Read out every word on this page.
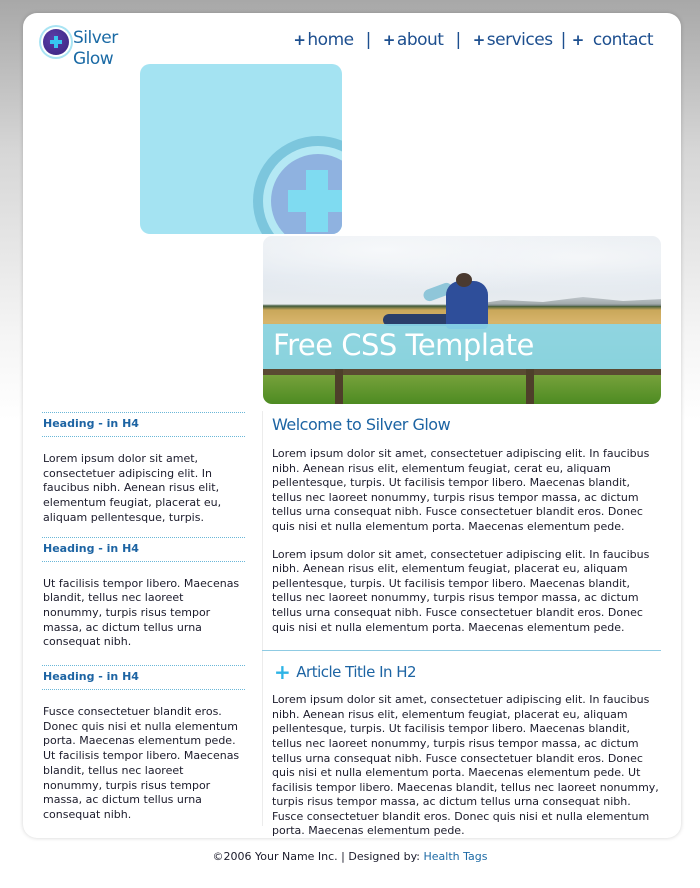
Silver
Glow
+ home | + about | + services | + contact
Free CSS Template
Heading - in H4

Lorem ipsum dolor sit amet, consectetuer adipiscing elit. In faucibus nibh. Aenean risus elit, elementum feugiat, placerat eu, aliquam pellentesque, turpis.

Heading - in H4

Ut facilisis tempor libero. Maecenas blandit, tellus nec laoreet nonummy, turpis risus tempor massa, ac dictum tellus urna consequat nibh.

Heading - in H4

Fusce consectetuer blandit eros. Donec quis nisi et nulla elementum porta. Maecenas elementum pede. Ut facilisis tempor libero. Maecenas blandit, tellus nec laoreet nonummy, turpis risus tempor massa, ac dictum tellus urna consequat nibh.

Welcome to Silver Glow

Lorem ipsum dolor sit amet, consectetuer adipiscing elit. In faucibus nibh. Aenean risus elit, elementum feugiat, cerat eu, aliquam pellentesque, turpis. Ut facilisis tempor libero. Maecenas blandit, tellus nec laoreet nonummy, turpis risus tempor massa, ac dictum tellus urna consequat nibh. Fusce consectetuer blandit eros. Donec quis nisi et nulla elementum porta. Maecenas elementum pede.

Lorem ipsum dolor sit amet, consectetuer adipiscing elit. In faucibus nibh. Aenean risus elit, elementum feugiat, placerat eu, aliquam pellentesque, turpis. Ut facilisis tempor libero. Maecenas blandit, tellus nec laoreet nonummy, turpis risus tempor massa, ac dictum tellus urna consequat nibh. Fusce consectetuer blandit eros. Donec quis nisi et nulla elementum porta. Maecenas elementum pede.

+ Article Title In H2

Lorem ipsum dolor sit amet, consectetuer adipiscing elit. In faucibus nibh. Aenean risus elit, elementum feugiat, placerat eu, aliquam pellentesque, turpis. Ut facilisis tempor libero. Maecenas blandit, tellus nec laoreet nonummy, turpis risus tempor massa, ac dictum tellus urna consequat nibh. Fusce consectetuer blandit eros. Donec quis nisi et nulla elementum porta. Maecenas elementum pede. Ut facilisis tempor libero. Maecenas blandit, tellus nec laoreet nonummy, turpis risus tempor massa, ac dictum tellus urna consequat nibh. Fusce consectetuer blandit eros. Donec quis nisi et nulla elementum porta. Maecenas elementum pede.

©2006 Your Name Inc. | Designed by: Health Tags
